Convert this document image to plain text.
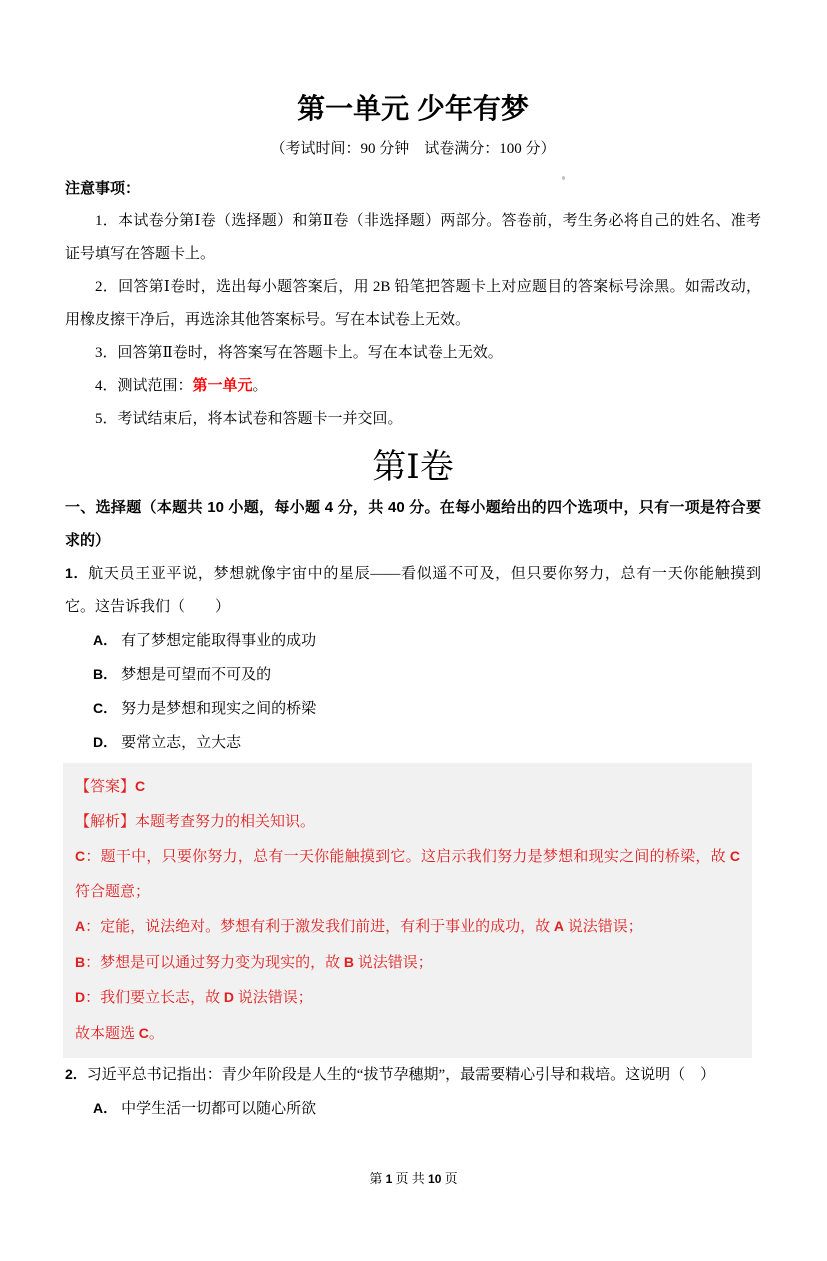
第一单元 少年有梦
（考试时间：90 分钟　试卷满分：100 分）
注意事项：

1．本试卷分第Ⅰ卷（选择题）和第Ⅱ卷（非选择题）两部分。答卷前，考生务必将自己的姓名、准考证号填写在答题卡上。

2．回答第Ⅰ卷时，选出每小题答案后，用 2B 铅笔把答题卡上对应题目的答案标号涂黑。如需改动，用橡皮擦干净后，再选涂其他答案标号。写在本试卷上无效。

3．回答第Ⅱ卷时，将答案写在答题卡上。写在本试卷上无效。

4．测试范围：第一单元。

5．考试结束后，将本试卷和答题卡一并交回。

第Ⅰ卷

一、选择题（本题共 10 小题，每小题 4 分，共 40 分。在每小题给出的四个选项中，只有一项是符合要求的）

1．航天员王亚平说，梦想就像宇宙中的星辰——看似遥不可及，但只要你努力，总有一天你能触摸到它。这告诉我们（　　）

A． 有了梦想定能取得事业的成功
B． 梦想是可望而不可及的
C． 努力是梦想和现实之间的桥梁
D． 要常立志，立大志

【答案】C

【解析】本题考查努力的相关知识。

C：题干中，只要你努力，总有一天你能触摸到它。这启示我们努力是梦想和现实之间的桥梁，故 C 符合题意；

A：定能，说法绝对。梦想有利于激发我们前进，有利于事业的成功，故 A 说法错误；

B：梦想是可以通过努力变为现实的，故 B 说法错误；

D：我们要立长志，故 D 说法错误；

故本题选 C。

2．习近平总书记指出：青少年阶段是人生的“拔节孕穗期”，最需要精心引导和栽培。这说明（　）

A． 中学生活一切都可以随心所欲
第 1 页 共 10 页
